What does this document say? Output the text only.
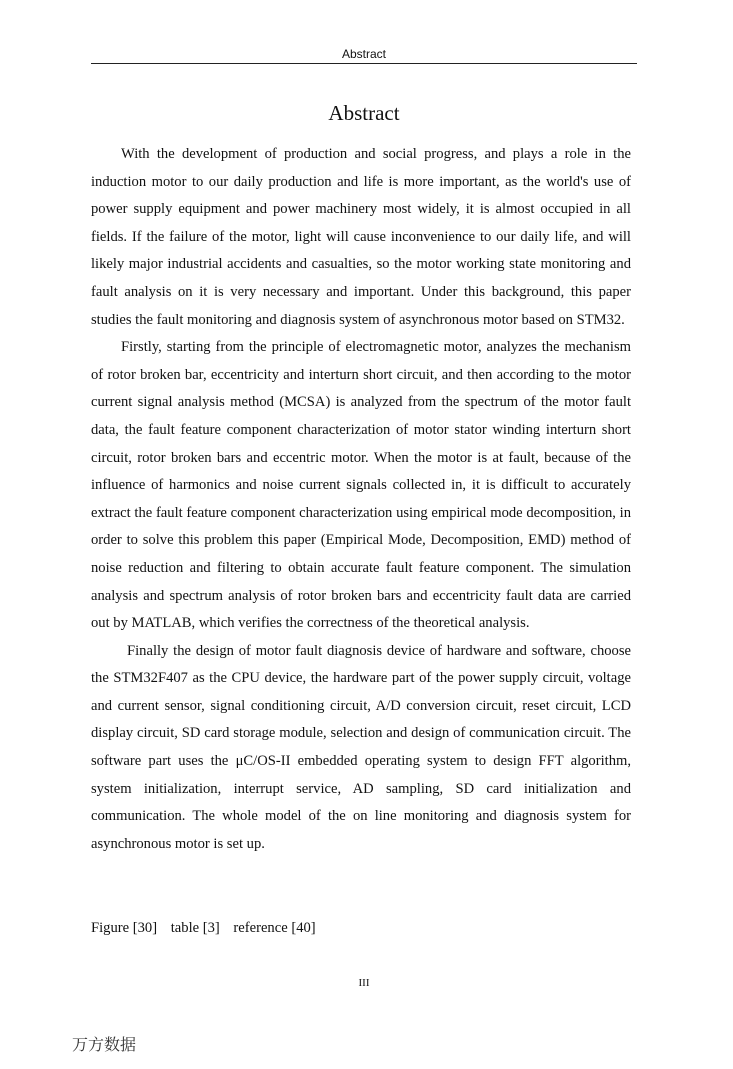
Abstract
Abstract

With the development of production and social progress, and plays a role in the induction motor to our daily production and life is more important, as the world's use of power supply equipment and power machinery most widely, it is almost occupied in all fields. If the failure of the motor, light will cause inconvenience to our daily life, and will likely major industrial accidents and casualties, so the motor working state monitoring and fault analysis on it is very necessary and important. Under this background, this paper studies the fault monitoring and diagnosis system of asynchronous motor based on STM32.

Firstly, starting from the principle of electromagnetic motor, analyzes the mechanism of rotor broken bar, eccentricity and interturn short circuit, and then according to the motor current signal analysis method (MCSA) is analyzed from the spectrum of the motor fault data, the fault feature component characterization of motor stator winding interturn short circuit, rotor broken bars and eccentric motor. When the motor is at fault, because of the influence of harmonics and noise current signals collected in, it is difficult to accurately extract the fault feature component characterization using empirical mode decomposition, in order to solve this problem this paper (Empirical Mode, Decomposition, EMD) method of noise reduction and filtering to obtain accurate fault feature component. The simulation analysis and spectrum analysis of rotor broken bars and eccentricity fault data are carried out by MATLAB, which verifies the correctness of the theoretical analysis.

Finally the design of motor fault diagnosis device of hardware and software, choose the STM32F407 as the CPU device, the hardware part of the power supply circuit, voltage and current sensor, signal conditioning circuit, A/D conversion circuit, reset circuit, LCD display circuit, SD card storage module, selection and design of communication circuit. The software part uses the μC/OS-II embedded operating system to design FFT algorithm, system initialization, interrupt service, AD sampling, SD card initialization and communication. The whole model of the on line monitoring and diagnosis system for asynchronous motor is set up.

Figure [30] table [3] reference [40]
III
万方数据
